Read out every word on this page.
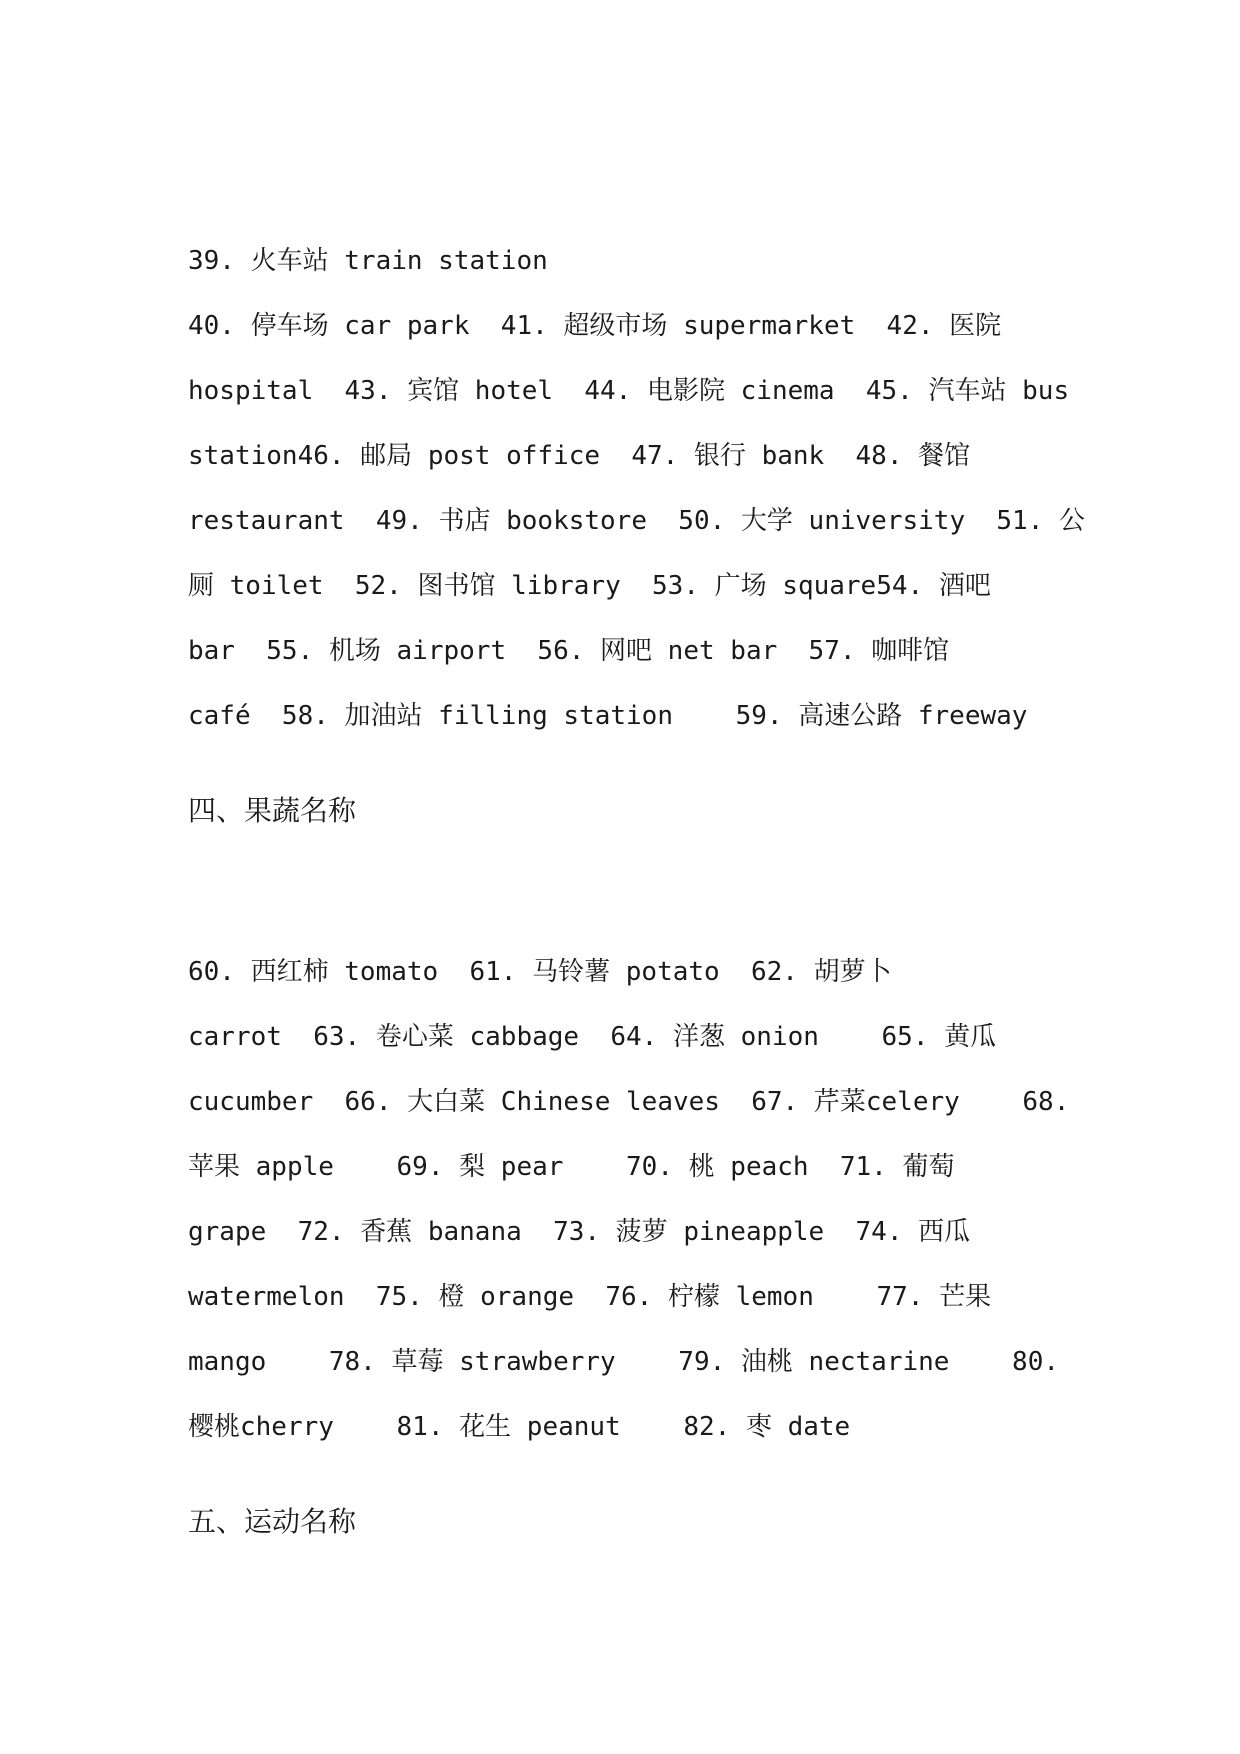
39. 火车站 train station
40. 停车场 car park  41. 超级市场 supermarket  42. 医院
hospital  43. 宾馆 hotel  44. 电影院 cinema  45. 汽车站 bus
station46. 邮局 post office  47. 银行 bank  48. 餐馆
restaurant  49. 书店 bookstore  50. 大学 university  51. 公
厕 toilet  52. 图书馆 library  53. 广场 square54. 酒吧
bar  55. 机场 airport  56. 网吧 net bar  57. 咖啡馆
café  58. 加油站 filling station    59. 高速公路 freeway
四、果蔬名称
60. 西红柿 tomato  61. 马铃薯 potato  62. 胡萝卜
carrot  63. 卷心菜 cabbage  64. 洋葱 onion    65. 黄瓜
cucumber  66. 大白菜 Chinese leaves  67. 芹菜celery    68.
苹果 apple    69. 梨 pear    70. 桃 peach  71. 葡萄
grape  72. 香蕉 banana  73. 菠萝 pineapple  74. 西瓜
watermelon  75. 橙 orange  76. 柠檬 lemon    77. 芒果
mango    78. 草莓 strawberry    79. 油桃 nectarine    80.
樱桃cherry    81. 花生 peanut    82. 枣 date
五、运动名称
